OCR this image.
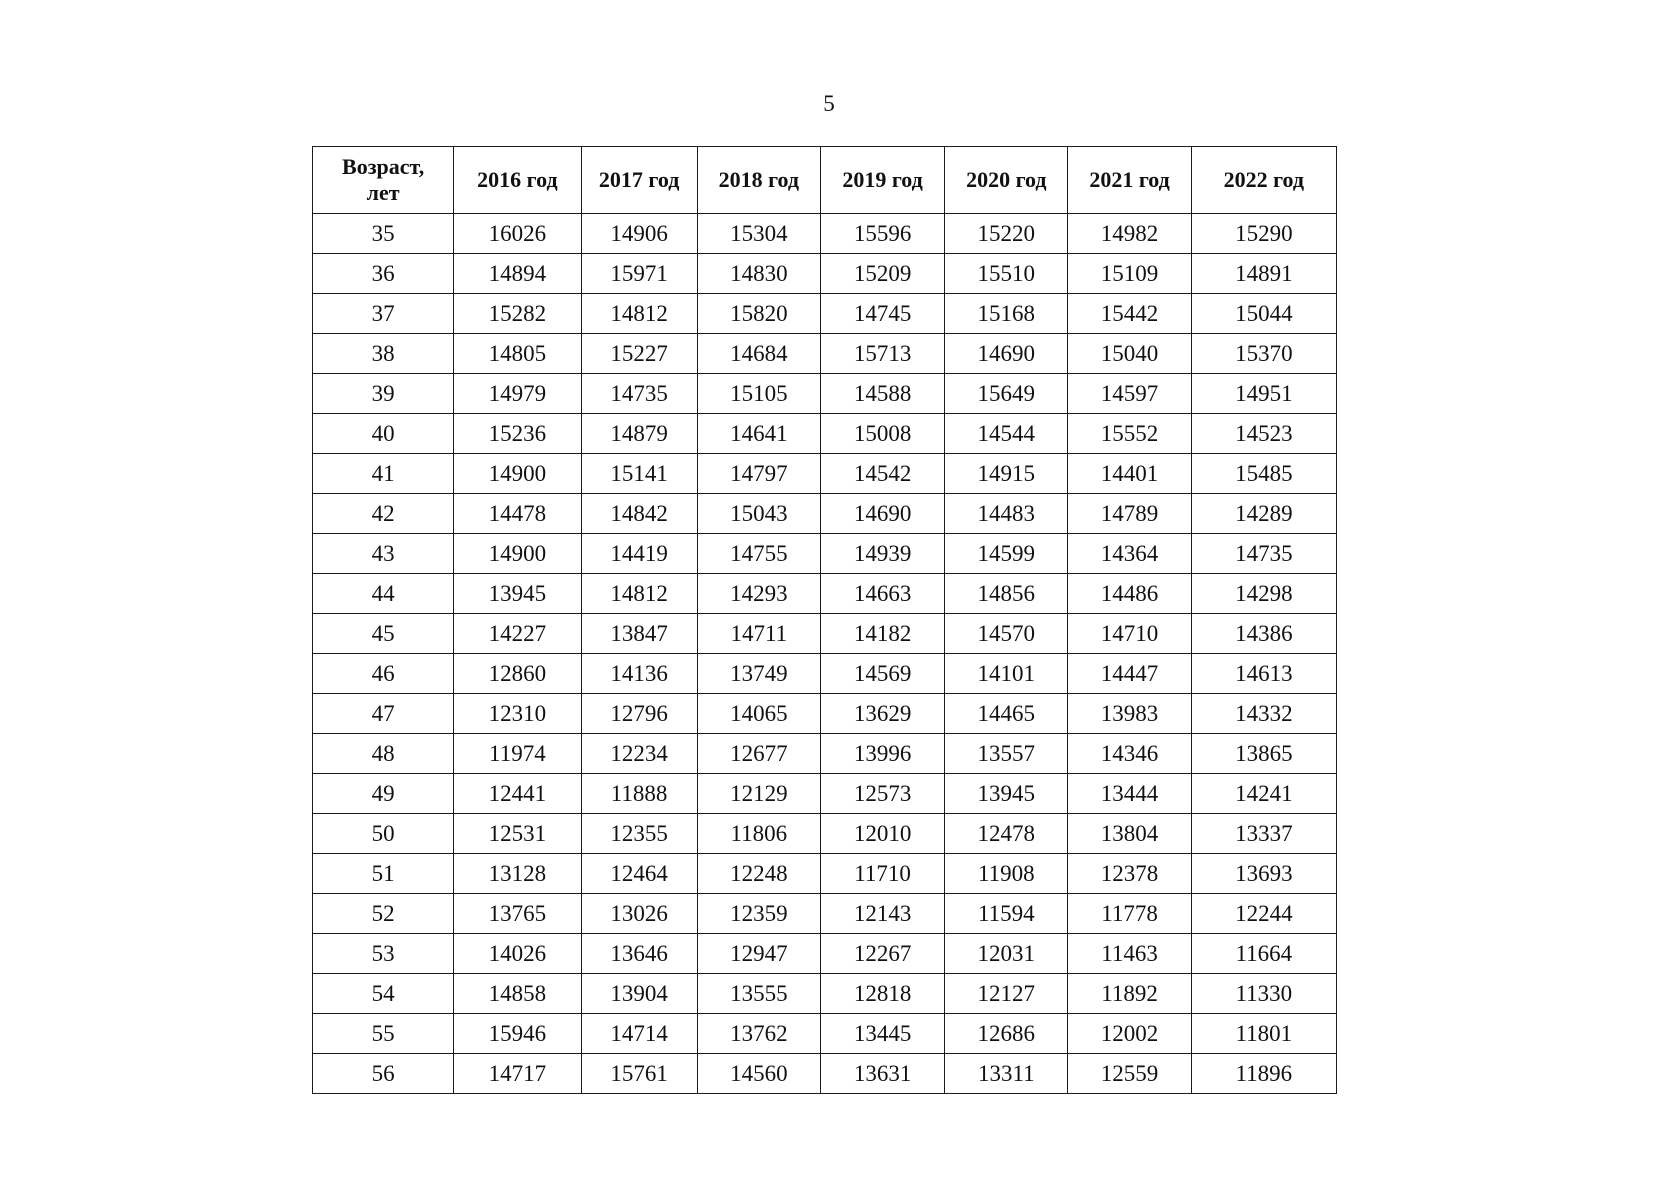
5
Возраст,
лет	2016 год	2017 год	2018 год	2019 год	2020 год	2021 год	2022 год
35	16026	14906	15304	15596	15220	14982	15290
36	14894	15971	14830	15209	15510	15109	14891
37	15282	14812	15820	14745	15168	15442	15044
38	14805	15227	14684	15713	14690	15040	15370
39	14979	14735	15105	14588	15649	14597	14951
40	15236	14879	14641	15008	14544	15552	14523
41	14900	15141	14797	14542	14915	14401	15485
42	14478	14842	15043	14690	14483	14789	14289
43	14900	14419	14755	14939	14599	14364	14735
44	13945	14812	14293	14663	14856	14486	14298
45	14227	13847	14711	14182	14570	14710	14386
46	12860	14136	13749	14569	14101	14447	14613
47	12310	12796	14065	13629	14465	13983	14332
48	11974	12234	12677	13996	13557	14346	13865
49	12441	11888	12129	12573	13945	13444	14241
50	12531	12355	11806	12010	12478	13804	13337
51	13128	12464	12248	11710	11908	12378	13693
52	13765	13026	12359	12143	11594	11778	12244
53	14026	13646	12947	12267	12031	11463	11664
54	14858	13904	13555	12818	12127	11892	11330
55	15946	14714	13762	13445	12686	12002	11801
56	14717	15761	14560	13631	13311	12559	11896
